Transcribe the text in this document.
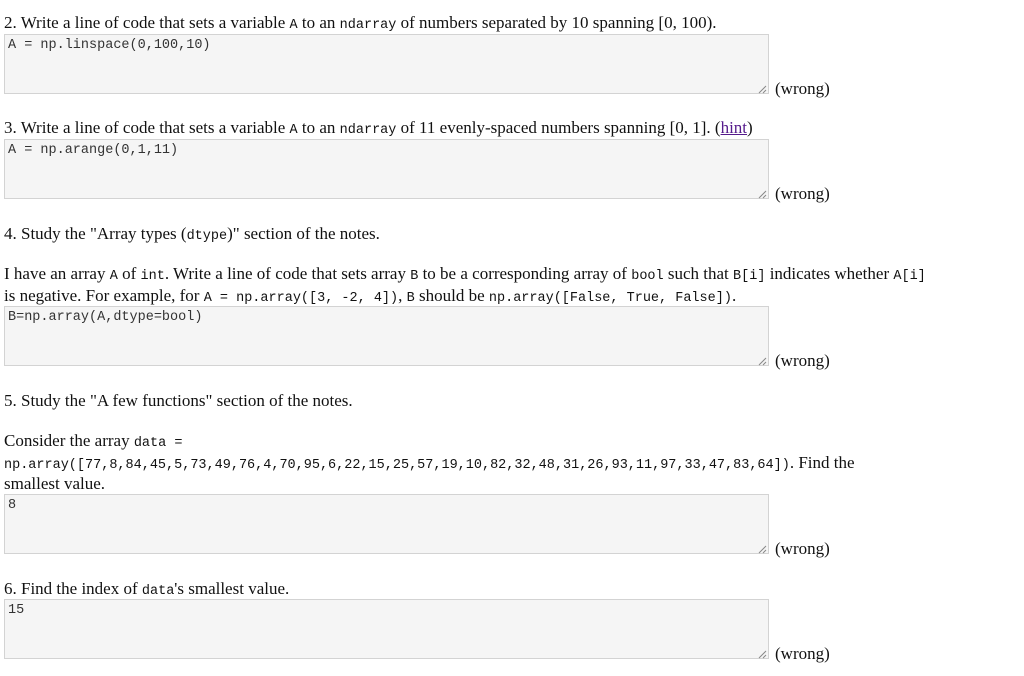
2. Write a line of code that sets a variable A to an ndarray of numbers separated by 10 spanning [0, 100).
A = np.linspace(0,100,10)
(wrong)
3. Write a line of code that sets a variable A to an ndarray of 11 evenly-spaced numbers spanning [0, 1]. (hint)
A = np.arange(0,1,11)
(wrong)
4. Study the "Array types (dtype)" section of the notes.
I have an array A of int. Write a line of code that sets array B to be a corresponding array of bool such that B[i] indicates whether A[i]
is negative. For example, for A = np.array([3, -2, 4]), B should be np.array([False, True, False]).
B=np.array(A,dtype=bool)
(wrong)
5. Study the "A few functions" section of the notes.
Consider the array data =
np.array([77,8,84,45,5,73,49,76,4,70,95,6,22,15,25,57,19,10,82,32,48,31,26,93,11,97,33,47,83,64]). Find the
smallest value.
8
(wrong)
6. Find the index of data's smallest value.
15
(wrong)
